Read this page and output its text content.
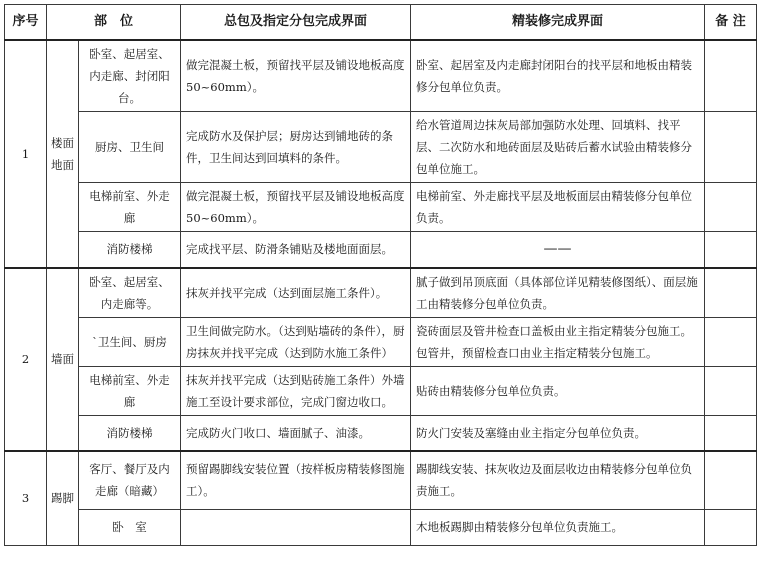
序号	部　位		总包及指定分包完成界面	精装修完成界面	备 注
1	楼面地面	卧室、起居室、内走廊、封闭阳台。	做完混凝土板，预留找平层及铺设地板高度50~60mm）。	卧室、起居室及内走廊封闭阳台的找平层和地板由精装修分包单位负责。	
		厨房、卫生间	完成防水及保护层；厨房达到铺地砖的条件，卫生间达到回填料的条件。	给水管道周边抹灰局部加强防水处理、回填料、找平层、二次防水和地砖面层及贴砖后蓄水试验由精装修分包单位施工。	
		电梯前室、外走廊	做完混凝土板，预留找平层及铺设地板高度50~60mm）。	电梯前室、外走廊找平层及地板面层由精装修分包单位负责。	
		消防楼梯	完成找平层、防滑条铺贴及楼地面面层。	——	
2	墙面	卧室、起居室、内走廊等。	抹灰并找平完成（达到面层施工条件）。	腻子做到吊顶底面（具体部位详见精装修图纸）、面层施工由精装修分包单位负责。	
		`卫生间、厨房	卫生间做完防水。（达到贴墙砖的条件），厨房抹灰并找平完成（达到防水施工条件）	瓷砖面层及管井检查口盖板由业主指定精装分包施工。包管井，预留检查口由业主指定精装分包施工。	
		电梯前室、外走廊	抹灰并找平完成（达到贴砖施工条件）外墙施工至设计要求部位，完成门窗边收口。	贴砖由精装修分包单位负责。	
		消防楼梯	完成防火门收口、墙面腻子、油漆。	防火门安装及塞缝由业主指定分包单位负责。	
3	踢脚	客厅、餐厅及内走廊（暗藏）	预留踢脚线安装位置（按样板房精装修图施工）。	踢脚线安装、抹灰收边及面层收边由精装修分包单位负责施工。	
		卧　室		木地板踢脚由精装修分包单位负责施工。	
